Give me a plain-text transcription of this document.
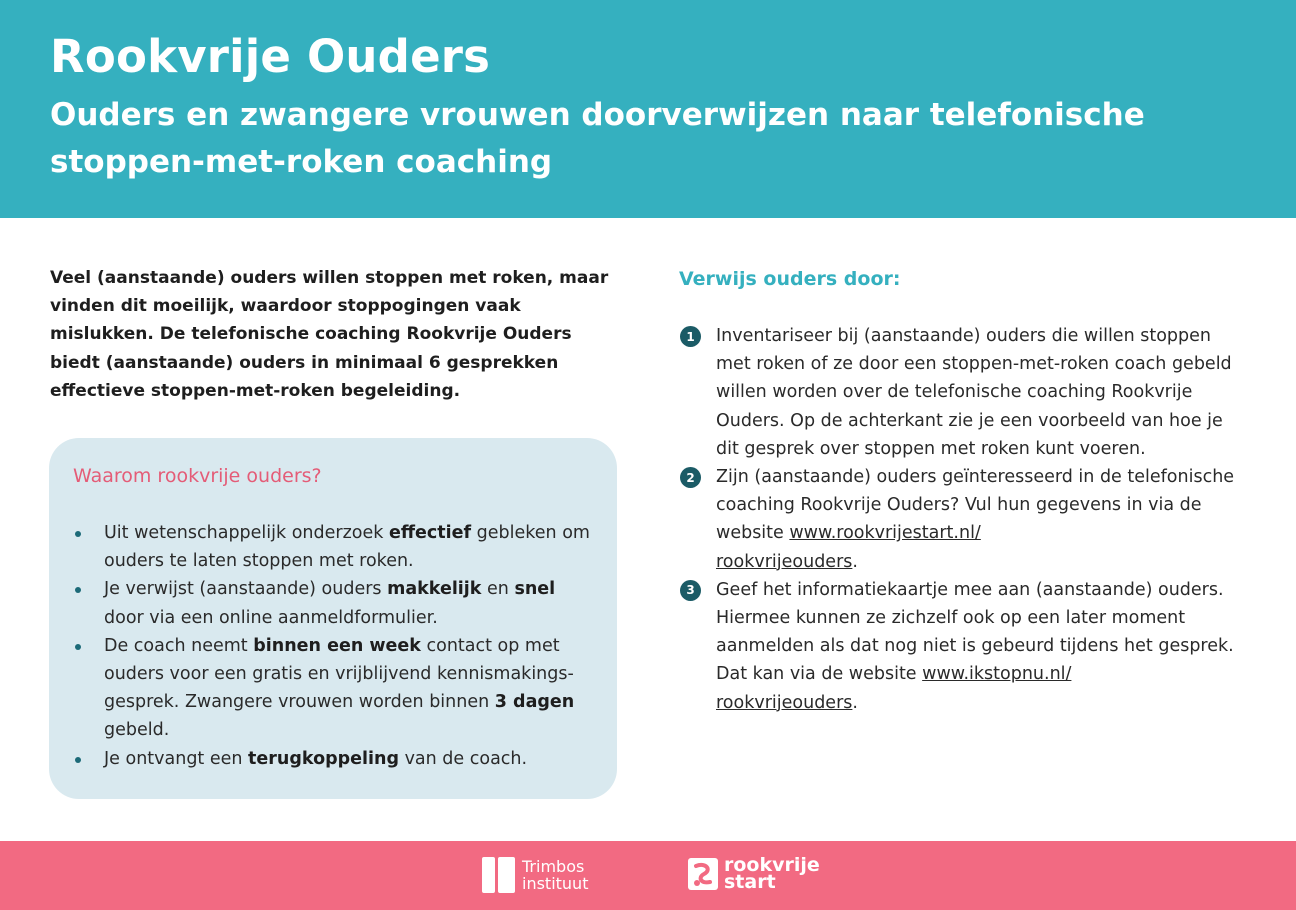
Rookvrije Ouders
Ouders en zwangere vrouwen doorverwijzen naar telefonische stoppen-met-roken coaching

Veel (aanstaande) ouders willen stoppen met roken, maar vinden dit moeilijk, waardoor stoppogingen vaak mislukken. De telefonische coaching Rookvrije Ouders biedt (aanstaande) ouders in minimaal 6 gesprekken effectieve stoppen-met-roken begeleiding.

Waarom rookvrije ouders?
Uit wetenschappelijk onderzoek effectief gebleken om ouders te laten stoppen met roken.
Je verwijst (aanstaande) ouders makkelijk en snel door via een online aanmeldformulier.
De coach neemt binnen een week contact op met ouders voor een gratis en vrijblijvend kennismakings-gesprek. Zwangere vrouwen worden binnen 3 dagen gebeld.
Je ontvangt een terugkoppeling van de coach.
Verwijs ouders door:
1	Inventariseer bij (aanstaande) ouders die willen stoppen met roken of ze door een stoppen-met-roken coach gebeld willen worden over de telefonische coaching Rookvrije Ouders. Op de achterkant zie je een voorbeeld van hoe je dit gesprek over stoppen met roken kunt voeren.
2	Zijn (aanstaande) ouders geïnteresseerd in de telefonische coaching Rookvrije Ouders? Vul hun gegevens in via de website www.rookvrijestart.nl/
rookvrijeouders.
3	Geef het informatiekaartje mee aan (aanstaande) ouders. Hiermee kunnen ze zichzelf ook op een later moment aanmelden als dat nog niet is gebeurd tijdens het gesprek. Dat kan via de website www.ikstopnu.nl/
rookvrijeouders.
Trimbos
instituut
rookvrije
start
